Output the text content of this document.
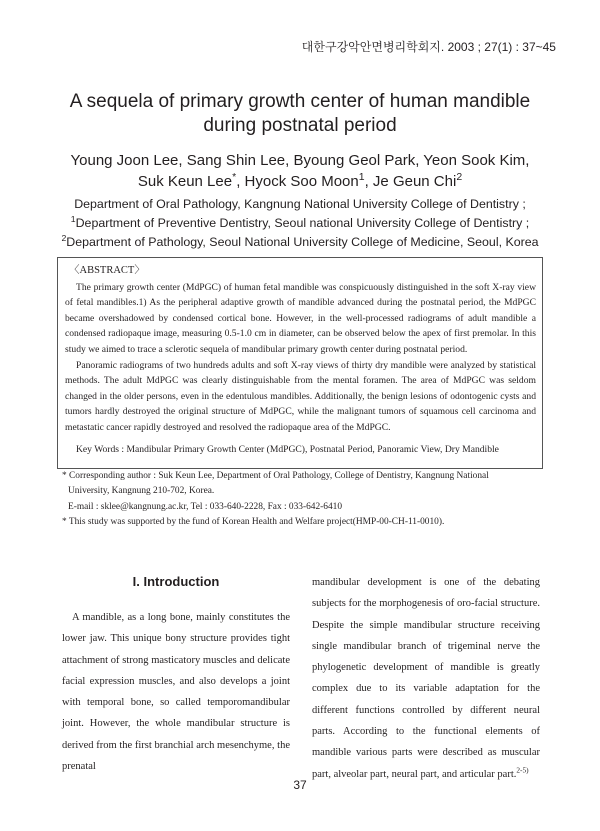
대한구강악안면병리학회지. 2003 ; 27(1) : 37~45
A sequela of primary growth center of human mandible
during postnatal period
Young Joon Lee, Sang Shin Lee, Byoung Geol Park, Yeon Sook Kim,
Suk Keun Lee*, Hyock Soo Moon$^1$, Je Geun Chi$^2$
Department of Oral Pathology, Kangnung National University College of Dentistry ;
$^1$Department of Preventive Dentistry, Seoul national University College of Dentistry ;
$^2$Department of Pathology, Seoul National University College of Medicine, Seoul, Korea
〈ABSTRACT〉

The primary growth center (MdPGC) of human fetal mandible was conspicuously distinguished in the soft X-ray view of fetal mandibles.1) As the peripheral adaptive growth of mandible advanced during the postnatal period, the MdPGC became overshadowed by condensed cortical bone. However, in the well-processed radiograms of adult mandible a condensed radiopaque image, measuring 0.5-1.0 cm in diameter, can be observed below the apex of first premolar. In this study we aimed to trace a sclerotic sequela of mandibular primary growth center during postnatal period.

Panoramic radiograms of two hundreds adults and soft X-ray views of thirty dry mandible were analyzed by statistical methods. The adult MdPGC was clearly distinguishable from the mental foramen. The area of MdPGC was seldom changed in the older persons, even in the edentulous mandibles. Additionally, the benign lesions of odontogenic cysts and tumors hardly destroyed the original structure of MdPGC, while the malignant tumors of squamous cell carcinoma and metastatic cancer rapidly destroyed and resolved the radiopaque area of the MdPGC.

Key Words : Mandibular Primary Growth Center (MdPGC), Postnatal Period, Panoramic View, Dry Mandible

* Corresponding author : Suk Keun Lee, Department of Oral Pathology, College of Dentistry, Kangnung National

University, Kangnung 210-702, Korea.

E-mail : sklee@kangnung.ac.kr, Tel : 033-640-2228, Fax : 033-642-6410

* This study was supported by the fund of Korean Health and Welfare project(HMP-00-CH-11-0010).

I. Introduction
A mandible, as a long bone, mainly constitutes the lower jaw. This unique bony structure provides tight attachment of strong masticatory muscles and delicate facial expression muscles, and also develops a joint with temporal bone, so called temporomandibular joint. However, the whole mandibular structure is derived from the first branchial arch mesenchyme, the prenatal
mandibular development is one of the debating subjects for the morphogenesis of oro-facial structure. Despite the simple mandibular structure receiving single mandibular branch of trigeminal nerve the phylogenetic development of mandible is greatly complex due to its variable adaptation for the different functions controlled by different neural parts. According to the functional elements of mandible various parts were described as muscular part, alveolar part, neural part, and articular part.$^{2-5)}$
37
